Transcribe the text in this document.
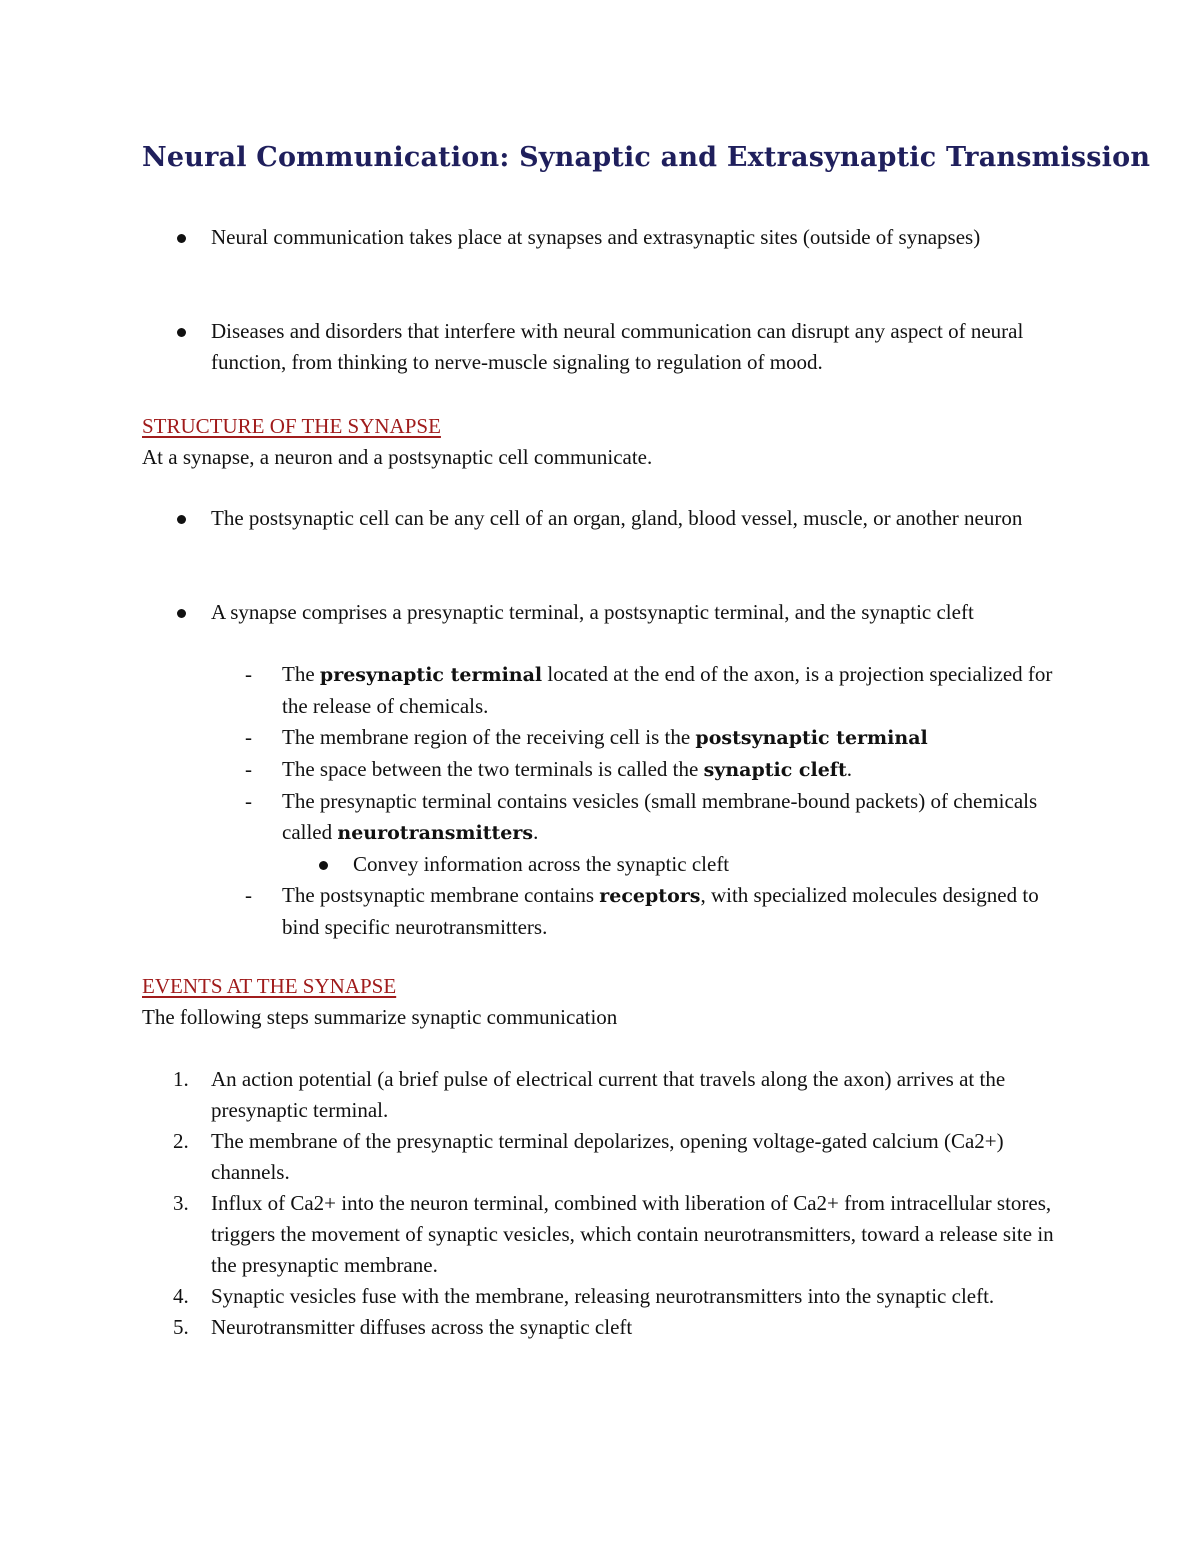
Neural Communication: Synaptic and Extrasynaptic Transmission
Neural communication takes place at synapses and extrasynaptic sites (outside of synapses)
Diseases and disorders that interfere with neural communication can disrupt any aspect of neural function, from thinking to nerve-muscle signaling to regulation of mood.
STRUCTURE OF THE SYNAPSE
At a synapse, a neuron and a postsynaptic cell communicate.
The postsynaptic cell can be any cell of an organ, gland, blood vessel, muscle, or another neuron
A synapse comprises a presynaptic terminal, a postsynaptic terminal, and the synaptic cleft
- The presynaptic terminal located at the end of the axon, is a projection specialized for the release of chemicals.
- The membrane region of the receiving cell is the postsynaptic terminal
- The space between the two terminals is called the synaptic cleft.
- The presynaptic terminal contains vesicles (small membrane-bound packets) of chemicals called neurotransmitters.
Convey information across the synaptic cleft
- The postsynaptic membrane contains receptors, with specialized molecules designed to bind specific neurotransmitters.
EVENTS AT THE SYNAPSE
The following steps summarize synaptic communication
1. An action potential (a brief pulse of electrical current that travels along the axon) arrives at the presynaptic terminal.
2. The membrane of the presynaptic terminal depolarizes, opening voltage-gated calcium (Ca2+) channels.
3. Influx of Ca2+ into the neuron terminal, combined with liberation of Ca2+ from intracellular stores, triggers the movement of synaptic vesicles, which contain neurotransmitters, toward a release site in the presynaptic membrane.
4. Synaptic vesicles fuse with the membrane, releasing neurotransmitters into the synaptic cleft.
5. Neurotransmitter diffuses across the synaptic cleft
